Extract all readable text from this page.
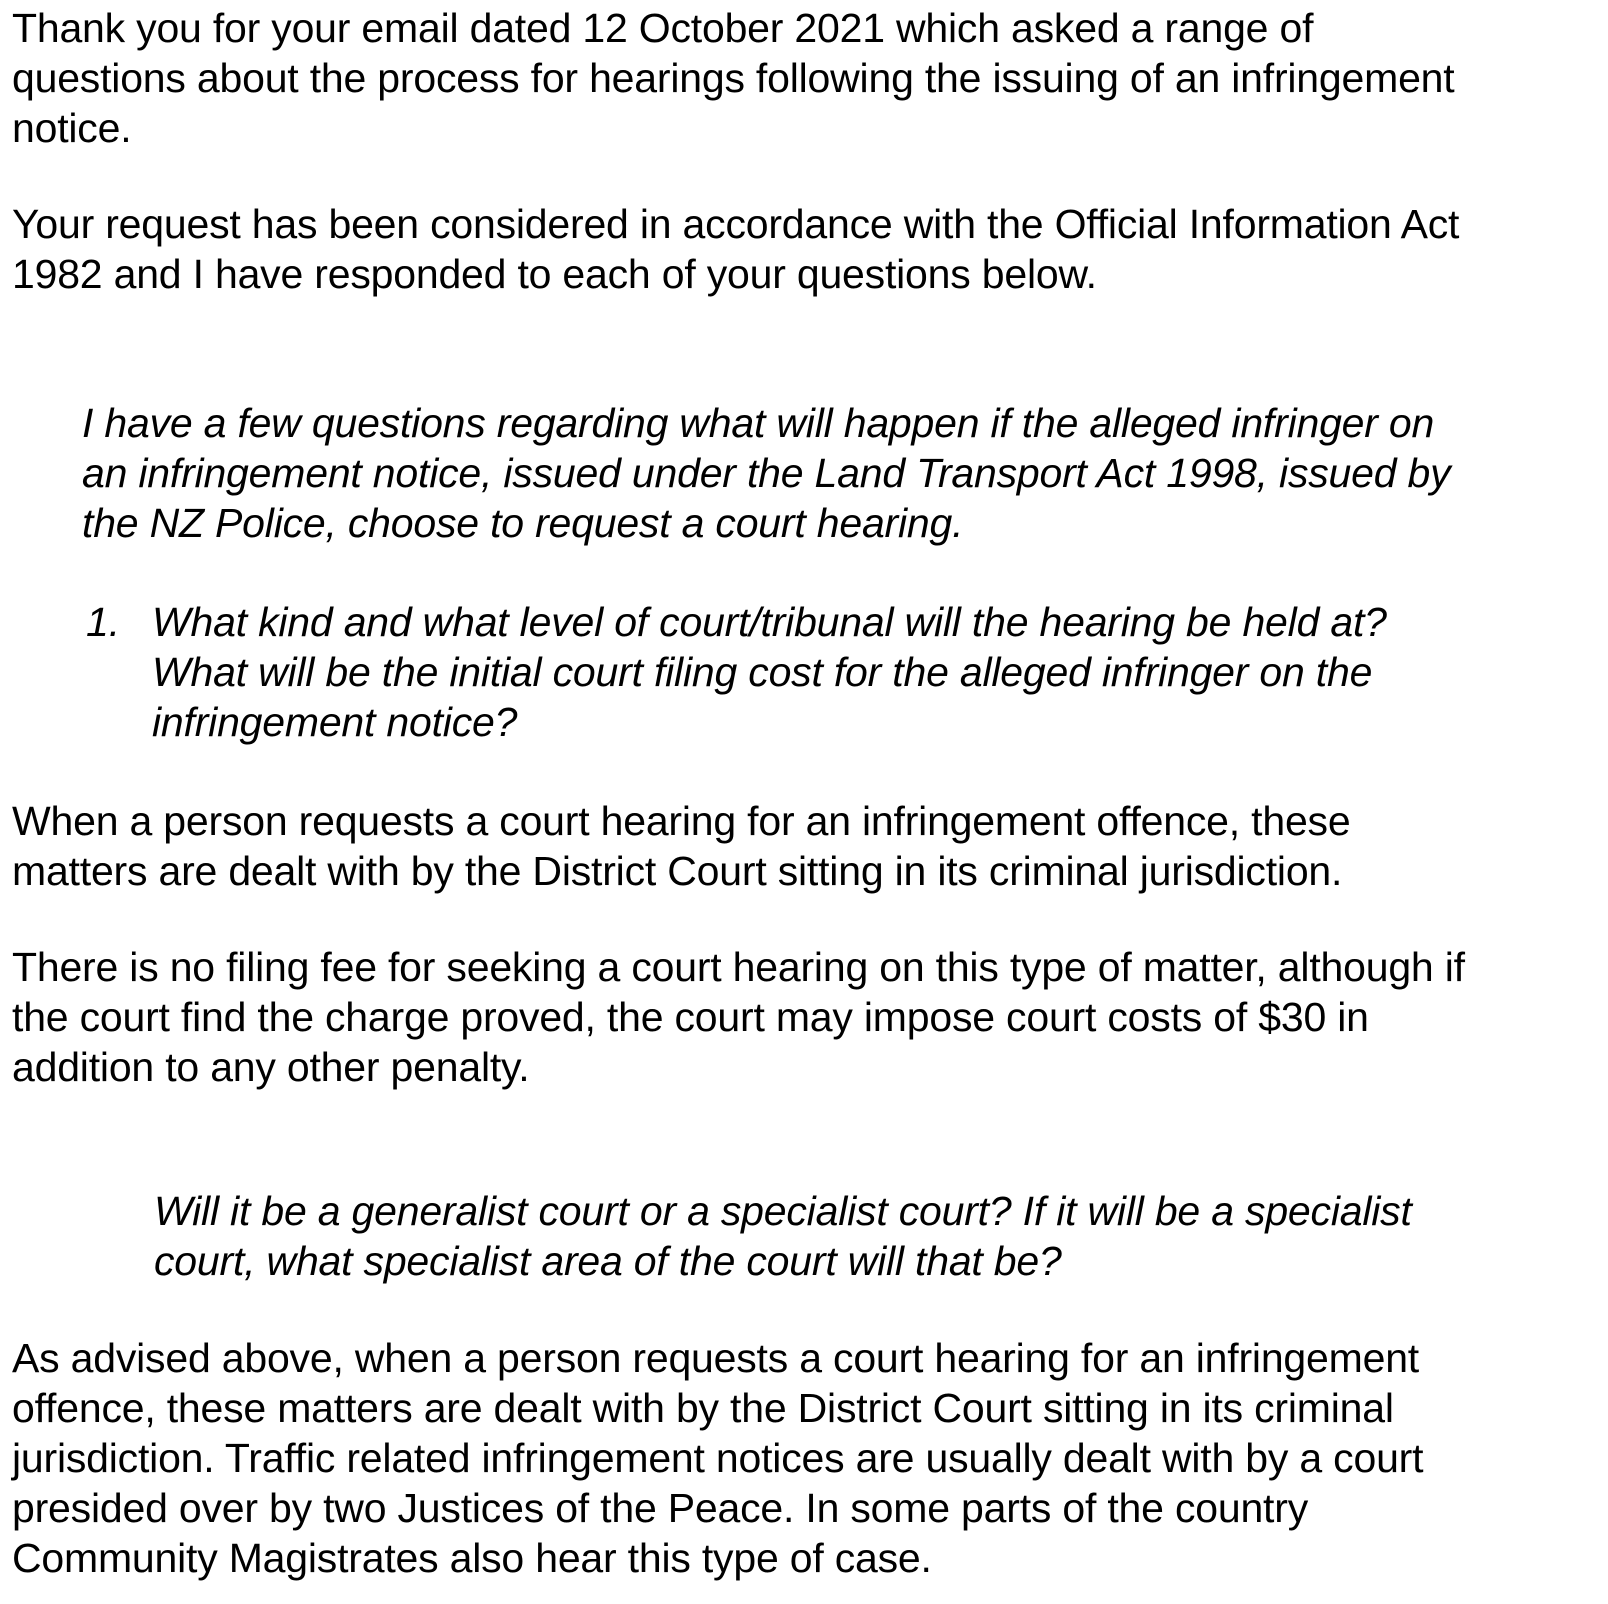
Thank you for your email dated 12 October 2021 which asked a range of
questions about the process for hearings following the issuing of an infringement
notice.
Your request has been considered in accordance with the Official Information Act
1982 and I have responded to each of your questions below.
I have a few questions regarding what will happen if the alleged infringer on
an infringement notice, issued under the Land Transport Act 1998, issued by
the NZ Police, choose to request a court hearing.
1. What kind and what level of court/tribunal will the hearing be held at?
What will be the initial court filing cost for the alleged infringer on the
infringement notice?
When a person requests a court hearing for an infringement offence, these
matters are dealt with by the District Court sitting in its criminal jurisdiction.
There is no filing fee for seeking a court hearing on this type of matter, although if
the court find the charge proved, the court may impose court costs of $30 in
addition to any other penalty.
Will it be a generalist court or a specialist court? If it will be a specialist
court, what specialist area of the court will that be?
As advised above, when a person requests a court hearing for an infringement
offence, these matters are dealt with by the District Court sitting in its criminal
jurisdiction. Traffic related infringement notices are usually dealt with by a court
presided over by two Justices of the Peace. In some parts of the country
Community Magistrates also hear this type of case.
